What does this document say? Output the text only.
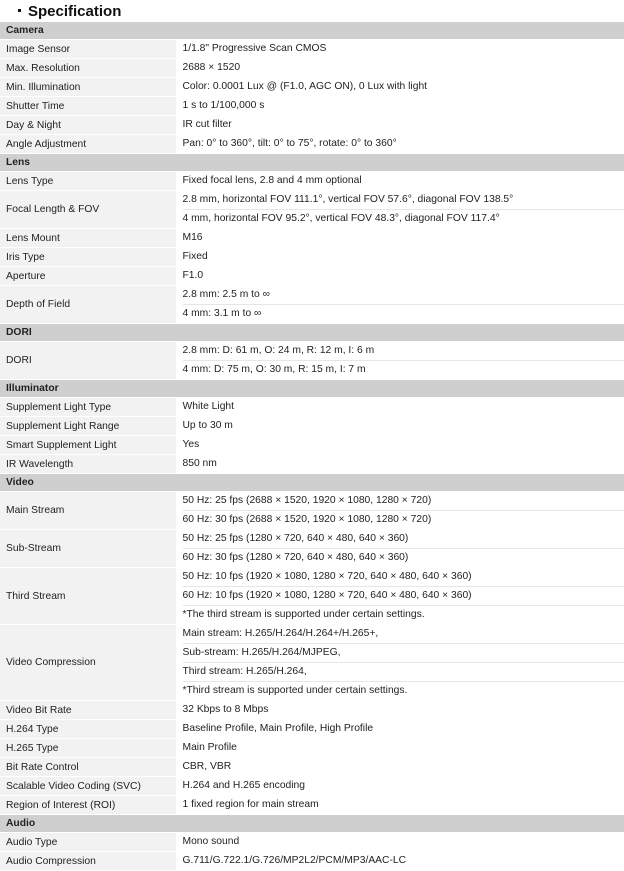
Specification
Camera	
Image Sensor	1/1.8" Progressive Scan CMOS

Max. Resolution	2688 × 1520

Min. Illumination	Color: 0.0001 Lux @ (F1.0, AGC ON), 0 Lux with light

Shutter Time	1 s to 1/100,000 s

Day & Night	IR cut filter

Angle Adjustment	Pan: 0° to 360°, tilt: 0° to 75°, rotate: 0° to 360°

Lens	
Lens Type	Fixed focal lens, 2.8 and 4 mm optional

Focal Length & FOV	2.8 mm, horizontal FOV 111.1°, vertical FOV 57.6°, diagonal FOV 138.5°
4 mm, horizontal FOV 95.2°, vertical FOV 48.3°, diagonal FOV 117.4°

Lens Mount	M16

Iris Type	Fixed

Aperture	F1.0

Depth of Field	2.8 mm: 2.5 m to ∞
4 mm: 3.1 m to ∞

DORI	
DORI	2.8 mm: D: 61 m, O: 24 m, R: 12 m, I: 6 m
4 mm: D: 75 m, O: 30 m, R: 15 m, I: 7 m

Illuminator	
Supplement Light Type	White Light

Supplement Light Range	Up to 30 m

Smart Supplement Light	Yes

IR Wavelength	850 nm

Video	
Main Stream	50 Hz: 25 fps (2688 × 1520, 1920 × 1080, 1280 × 720)
60 Hz: 30 fps (2688 × 1520, 1920 × 1080, 1280 × 720)

Sub-Stream	50 Hz: 25 fps (1280 × 720, 640 × 480, 640 × 360)
60 Hz: 30 fps (1280 × 720, 640 × 480, 640 × 360)

Third Stream	50 Hz: 10 fps (1920 × 1080, 1280 × 720, 640 × 480, 640 × 360)
60 Hz: 10 fps (1920 × 1080, 1280 × 720, 640 × 480, 640 × 360)
*The third stream is supported under certain settings.

Video Compression	Main stream: H.265/H.264/H.264+/H.265+,
Sub-stream: H.265/H.264/MJPEG,
Third stream: H.265/H.264,
*Third stream is supported under certain settings.

Video Bit Rate	32 Kbps to 8 Mbps

H.264 Type	Baseline Profile, Main Profile, High Profile

H.265 Type	Main Profile

Bit Rate Control	CBR, VBR

Scalable Video Coding (SVC)	H.264 and H.265 encoding

Region of Interest (ROI)	1 fixed region for main stream

Audio	
Audio Type	Mono sound

Audio Compression	G.711/G.722.1/G.726/MP2L2/PCM/MP3/AAC-LC
